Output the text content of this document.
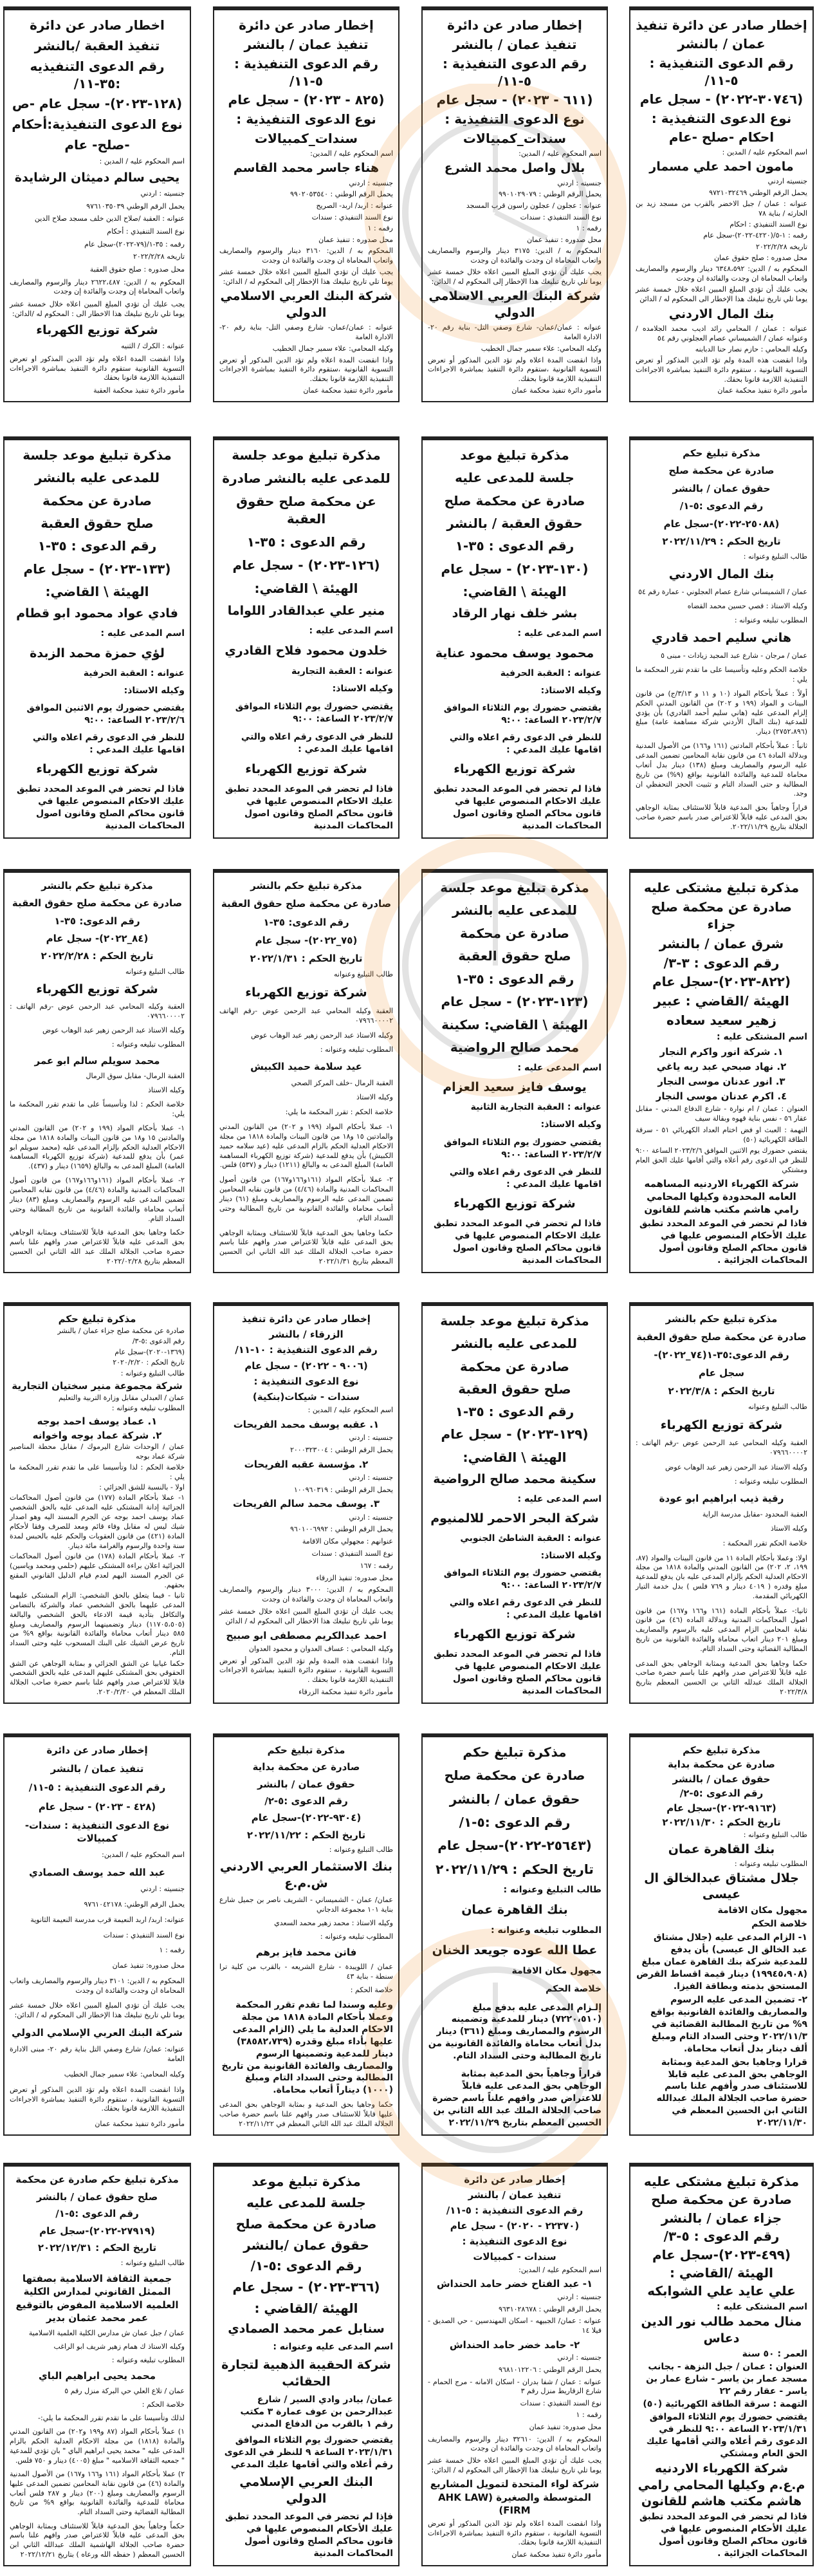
إخطار صادر عن دائرة تنفيذ
عمان / بالنشر
رقم الدعوى التنفيذية : ٥-١١/
(٣٠٧٤٦-٢٠٢٢) - سجل عام
نوع الدعوى التنفيذية :
احكام -صلح -عام
اسم المحكوم عليه / المدين :
مامون احمد علي مسمار
جنسيته اردني
يحمل الرقم الوطني ٩٧٢١٠٣٢٤٦٩
عنوانه : عمان / جبل الاخضر بالقرب من مسجد زيد بن الحارثه / بناية ٧٨
نوع السند التنفيذي : احكام
رقمه : ١-٥/(٤٢٢٠-٢٠٢٢)-سجل عام
تاريخه ٢٠٢٢/٢/٢٨
محل صدوره : صلح حقوق عمان
المحكوم به / الدين: ٦٣٤٨،٥٩٢ دينار والرسوم والمصاريف واتعاب المحاماة ان وجدت والفائدة ان وجدت
يجب عليك أن تؤدي المبلغ المبين اعلاه خلال خمسة عشر يوما تلي تاريخ تبليغك هذا الإخطار الى المحكوم له / الدائن
بنك المال الاردني
عنوانه : عمان / المحامي رائد اديب محمد الجلامده / وعنوانه عمان / الشميساني عصام العجلوني رقم ٥٤
وكيله المحامي : حازم نصار حنا الدبابنه
واذا انقضت هذه المدة ولم تؤد الدين المذكور أو تعرض التسوية القانونية ، ستقوم دائرة التنفيذ بمباشرة الاجراءات التنفيذية اللازمة قانونا بحقك.
مأمور دائرة تنفيذ محكمة عمان
إخطار صادر عن دائرة
تنفيذ عمان / بالنشر
رقم الدعوى التنفيذية : ٥-١١/
(٦١١ - ٢٠٢٣) - سجل عام
نوع الدعوى التنفيذية :
سندات_كمبيالات
اسم المحكوم عليه / المدين:
بلال واصل محمد الشرع
جنسيته : اردني
يحمل الرقم الوطني : ٩٩٠١٠٢٩٠٧٩
عنوانه : عجلون / عجلون راسون قرب المسجد
نوع السند التنفيذي : سندات
رقمه : ١
محل صدوره : تنفيذ عمان
المحكوم به / الدين: ٣١٧٥ دينار والرسوم والمصاريف واتعاب المحاماة ان وجدت والفائدة ان وجدت
يجب عليك أن تؤدي المبلغ المبين اعلاه خلال خمسة عشر يوما تلي تاريخ تبليغك هذا الإخطار إلى المحكوم له / الدائن:
شركة البنك العربي الاسلامي الدولي
عنوانه : عمان/عمان- شارع وصفي التل- بناية رقم ٢٠- الادارة العامة
وكيله المحامي: علاء سمير جمال الخطيب
واذا انقضت المدة اعلاه ولم تؤد الدين المذكور أو تعرض التسوية القانونية ،ستقوم دائرة التنفيذ بمباشرة الاجراءات التنفيذية اللازمة قانونا بحقك.
مأمور دائرة تنفيذ محكمة عمان
إخطار صادر عن دائرة
تنفيذ عمان / بالنشر
رقم الدعوى التنفيذية : ٥-١١/
(٨٢٥ - ٢٠٢٣) - سجل عام
نوع الدعوى التنفيذية :
سندات_كمبيالات
اسم المحكوم عليه / المدين:
هناء جاسر محمد القاسم
جنسيته : اردني
يحمل الرقم الوطني : ٩٩٠٢٠٥٣٥٤٠
عنوانه : اربد/ اربد- الصريح
نوع السند التنفيذي : سندات
رقمه : ١
محل صدوره : تنفيذ عمان
المحكوم به / الدين: ٣١٦٠ دينار والرسوم والمصاريف واتعاب المحاماة ان وجدت والفائدة ان وجدت
يجب عليك أن تؤدي المبلغ المبين اعلاه خلال خمسة عشر يوما تلي تاريخ تبليغك هذا الإخطار إلى المحكوم له / الدائن:
شركة البنك العربي الاسلامي الدولي
عنوانه : عمان/عمان- شارع وصفي التل- بناية رقم ٢٠- الادارة العامة
وكيله المحامي: علاء سمير جمال الخطيب
واذا انقضت المدة اعلاه ولم تؤد الدين المذكور أو تعرض التسوية القانونية ،ستقوم دائرة التنفيذ بمباشرة الاجراءات التنفيذية اللازمة قانونا بحقك.
مأمور دائرة تنفيذ محكمة عمان
اخطار صادر عن دائرة
تنفيذ العقبة /بالنشر
رقم الدعوى التنفيذيه :٣٥-١١/
(١٢٨-٢٠٢٣)- سجل عام -ص
نوع الدعوى التنفيذية:أحكام
-صلح- عام
اسم المحكوم عليه / المدين :
يحيى سالم دميثان الرشايدة
جنسيته : اردني
يحمل الرقم الوطني ٩٧٦١٠٣٥٠٣٩
عنوانه : العقبة /صلاح الدين خلف مسجد صلاح الدين
نوع السند التنفيذي : أحكام
رقمه : ٣٥-١/(٧٩-٢٠٢٢)-سجل عام
تاريخه ٢٠٢٢/٢/٢٨
محل صدوره : صلح حقوق العقبة
المحكوم به / الدين: ٢٦٢٢،٤٨٧ دينار والرسوم والمصاريف واتعاب المحاماة إن وجدت والفائدة إن وجدت
يجب عليك أن تؤدي المبلغ المبين اعلاه خلال خمسة عشر يوما تلي تاريخ تبليغك هذا الاخطار الى : المحكوم له /الدائن:
شركة توزيع الكهرباء
عنوانه : الكرك / الثنيه
واذا انقضت المدة اعلاه ولم تؤد الدين المذكور او تعرض التسوية القانونية ستقوم دائرة التنفيذ بمباشرة الاجراءات التنفيذية اللازمة قانونا بحقك
مأمور دائرة تنفيذ محكمة العقبة
مذكرة تبليغ حكم
صادرة عن محكمة صلح
حقوق عمان / بالنشر
رقم الدعوى :٥-١/
(٢٥٠٨٨-٢٠٢٢)-سجل عام
تاريخ الحكم : ٢٠٢٢/١١/٢٩
طالب التبليغ وعنوانه :
بنك المال الاردني
عمان / الشميساني شارع عصام العجلوني - عمارة رقم ٥٤
وكيله الاستاذ : قصي حسين محمد القضاه
المطلوب تبليغه وعنوانه :
هاني سليم احمد قادري
عمان / مرجان - شارع عبد المجيد زيادات - مبنى ٥
خلاصة الحكم وعليه وتأسيسا على ما تقدم تقرر المحكمة ما يلي :
أولاً : عملاً بأحكام المواد (١٠ و ١١ و ٣/١٣/ج) من قانون البينات و المواد (١٩٩ و ٢٠٢) من القانون المدني الحكم إلزام المدعى عليه (هاني سليم أحمد القادري) بأن يؤدي للمدعية (بنك المال الأردني شركة مساهمة عامة) مبلغ (٢٧٥٢،٨٩٦) دينار.
ثانياً : عملاً بأحكام المادتين (١٦١ و١٦٦) من الأصول المدنية وبدلالة المادة ٤٦ من قانون نقابة المحامين تضمين المدعى عليه الرسوم والمصاريف ومبلغ (١٣٨) دينار بدل أتعاب محاماة للمدعية والفائدة القانونية بواقع (٩%) من تاريخ المطالبة و حتى السداد التام و تثبيت الحجز التحفظي ان وجد.
قراراً وجاهياً بحق المدعية قابلاً للاستئناف بمثابة الوجاهي بحق المدعى عليه قابلاً للاعتراض صدر باسم حضرة صاحب الجلالة بتاريخ ٢٠٢٢/١١/٢٩.
مذكرة تبليغ موعد
جلسة للمدعى عليه
صادرة عن محكمة صلح
حقوق العقبة / بالنشر
رقم الدعوى : ٣٥-١
(١٣٠-٢٠٢٣) - سجل عام
الهيئة \ القاضي:
بشر خلف نهار الرقاد
اسم المدعى عليه :
محمود يوسف محمود عناية
عنوانه : العقبة الحرفية
وكيله الاستاذ:
يقتضي حضورك يوم الثلاثاء الموافق ٢٠٢٣/٢/٧ الساعة: ٩:٠٠
للنظر في الدعوى رقم اعلاه والتي اقامها عليك المدعي :
شركة توزيع الكهرباء
فاذا لم تحضر في الموعد المحدد تطبق عليك الاحكام المنصوص عليها في قانون محاكم الصلح وقانون اصول المحاكمات المدنية
مذكرة تبليغ موعد جلسة
للمدعى عليه بالنشر صادرة
عن محكمة صلح حقوق العقبة
رقم الدعوى : ٣٥-١
(١٢٦-٢٠٢٣) - سجل عام
الهيئة \ القاضي:
منير علي عبدالقادر اللواما
اسم المدعى عليه :
خلدون محمود فلاح القادري
عنوانه : العقبة التجارية
وكيله الاستاذ:
يقتضي حضورك يوم الثلاثاء الموافق ٢٠٢٣/٢/٧ الساعة: ٩:٠٠
للنظر في الدعوى رقم اعلاه والتي اقامها عليك المدعي :
شركة توزيع الكهرباء
فاذا لم تحضر في الموعد المحدد تطبق عليك الاحكام المنصوص عليها في قانون محاكم الصلح وقانون اصول المحاكمات المدنية
مذكرة تبليغ موعد جلسة
للمدعى عليه بالنشر
صادرة عن محكمة
صلح حقوق العقبة
رقم الدعوى : ٣٥-١
(١٣٣-٢٠٢٣) - سجل عام
الهيئة \ القاضي:
فادي عواد محمود ابو قطام
اسم المدعى عليه :
لؤي حمزة محمد الزبدة
عنوانه : العقبة الحرفية
وكيله الاستاذ:
يقتضي حضورك يوم الاثنين الموافق ٢٠٢٣/٢/٦ الساعة: ٩:٠٠
للنظر في الدعوى رقم اعلاه والتي اقامها عليك المدعي :
شركة توزيع الكهرباء
فاذا لم تحضر في الموعد المحدد تطبق عليك الاحكام المنصوص عليها في قانون محاكم الصلح وقانون اصول المحاكمات المدنية
مذكرة تبليغ مشتكى عليه
صادرة عن محكمة صلح جزاء
شرق عمان / بالنشر
رقم الدعوى : ٣-٣/
(٨٢٢-٢٠٢٣)-سجل عام
الهيئة /القاضي : عبير
زهير سعيد سعاده
اسم المشتكى عليه :
١. شركة انور واكرم النجار
٢. نهاد صبحي عبد ربه ياغي
٣. انور عدنان موسى النجار
٤. اكرم عدنان موسى النجار
العنوان : عمان / ام نوارة - شارع الدفاع المدني - مقابل عقار ٥٦ - نفس بناية قهوه وبقالة سيف
التهمة : العبث او فض اختام العداد الكهربائي ٥١ - سرقة الطاقة الكهربائية (٥٠)
يقتضي حضورك يوم الاثنين الموافق ٢٠٢٣/٢/٦ الساعة ٩:٠٠ للنظر في الدعوى رقم أعلاه والتي أقامها عليك الحق العام ومشتكي
شركة الكهرباء الاردنيه المساهمه العامه المحدودة وكيلها المحامي رامي هاشم مكتب هاشم للقانون
فاذا لم تحضر في الموعد المحدد تطبق عليك الأحكام المنصوص عليها في قانون محاكم الصلح وقانون أصول المحاكمات الجزائية .
مذكرة تبليغ موعد جلسة
للمدعى عليه بالنشر
صادرة عن محكمة
صلح حقوق العقبة
رقم الدعوى : ٣٥-١
(١٢٣-٢٠٢٣) - سجل عام
الهيئة \ القاضي: سكينة
محمد صالح الرواضية
اسم المدعى عليه :
يوسف فايز سعيد العزام
عنوانه : العقبة التجارية الثانية
وكيله الاستاذ:
يقتضي حضورك يوم الثلاثاء الموافق ٢٠٢٣/٢/٧ الساعة: ٩:٠٠
للنظر في الدعوى رقم اعلاه والتي اقامها عليك المدعي :
شركة توزيع الكهرباء
فاذا لم تحضر في الموعد المحدد تطبق عليك الاحكام المنصوص عليها في قانون محاكم الصلح وقانون اصول المحاكمات المدنية
مذكرة تبليغ حكم بالنشر
صادرة عن محكمة صلح حقوق العقبة
رقم الدعوى: ٣٥-١
(٧٥_٢٠٢٢)- سجل عام
تاريخ الحكم : ٢٠٢٢/١/٣١
طالب التبليغ وعنوانه
شركة توزيع الكهرباء
العقبة وكيله المحامي عبد الرحمن عوض -رقم الهاتف ٠٧٩٦٦٠٠٠٠٢
وكيله الاستاذ عبد الرحمن زهير عبد الوهاب عوض
المطلوب تبليغه وعنوانه :
عيد سلامة حميد الكبيش
العقبة الرمال -خلف المركز الصحي
وكيله الاستاذ
خلاصة الحكم : تقرر المحكمة ما يلي:
١- عملا بأحكام المواد (١٩٩ و ٢٠٢) من القانون المدني والمادتين ١٥ و١٨ من قانون البينات والمادة ١٨١٨ من مجلة الاحكام العدلية الحكم بالزام المدعى عليه (عيد سلامه حميد الكبيش) بأن يدفع للمدعية (شركة توزيع الكهرباء المساهمة العامة) المبلغ المدعى به والبالغ (١٢١١) دينار و (٥٣٧) فلس.
٢- عملا بأحكام المواد (١٦١و١٦٦و١٦٧) من قانون أصول المحاكمات المدنية والمادة (٤/٤٦) من قانون نقابه المحامين تضمين المدعى عليه الرسوم والمصاريف ومبلغ (٦١) دينار أتعاب محاماة والفائدة القانونية من تاريخ المطالبة وحتى السداد التام.
حكما وجاهيا بحق المدعية قابلاً للاستئناف وبمثابة الوجاهي بحق المدعى عليه قابلاً للاعتراض صدر وافهم علنا باسم حضرة صاحب الجلالة الملك عبد الله الثاني ابن الحسين المعظم بتاريخ ٢٠٢٢/١/٣١
مذكرة تبليغ حكم بالنشر
صادرة عن محكمة صلح حقوق العقبة
رقم الدعوى: ٣٥-١
(٨٤_٢٠٢٢)- سجل عام
تاريخ الحكم : ٢٠٢٢/٢/٢٨
طالب التبليغ وعنوانه
شركة توزيع الكهرباء
العقبة وكيله المحامي عبد الرحمن عوض -رقم الهاتف : ٠٧٩٦٦٠٠٠٠٢
وكيله الاستاذ عبد الرحمن زهير عبد الوهاب عوض
المطلوب تبليغه وعنوانه :
محمد سويلم سالم ابو عمر
العقبة الرمال- مقابل سوق الرمال
وكيله الاستاذ
خلاصة الحكم : لذا وتأسيساً على ما تقدم تقرر المحكمة ما يلي:
١- عملا بأحكام المواد (١٩٩ و ٢٠٢) من القانون المدني والمادتين ١٥ و١٨ من قانون البينات والمادة ١٨١٨ من مجلة الاحكام العدلية الحكم بإلزام المدعى عليه (محمد سويلم ابو عمر) بأن يدفع للمدعية (شركة توزيع الكهرباء المساهمة العامة) المبلغ المدعى به والبالغ (١٦٥٩) دينار و (٤٣٧).
٢- عملا بأحكام المواد (١٦١و١٦٦و١٦٧) من قانون أصول المحاكمات المدنية والمادة (٤/٤٦) من قانون نقابه المحامين تضمين المدعى عليه الرسوم والمصاريف ومبلغ (٨٣) دينار أتعاب محاماة والفائدة القانونية من تاريخ المطالبة وحتى السداد التام.
حكما وجاهيا بحق المدعية قابلاً للاستئناف وبمثابة الوجاهي بحق المدعى عليه قابلاً للاعتراض صدر وافهم علنا باسم حضرة صاحب الجلالة الملك عبد الله الثاني ابن الحسين المعظم بتاريخ ٢٠٢٢/٠٢/٢٨
مذكرة تبليغ حكم بالنشر
صادرة عن محكمة صلح حقوق العقبة
رقم الدعوى:٣٥-١(٧٤_٢٠٢٢)-
سجل عام
تاريخ الحكم : ٢٠٢٢/٣/٨
طالب التبليغ وعنوانه
شركة توزيع الكهرباء
العقبة وكيله المحامي عبد الرحمن عوض -رقم الهاتف : ٠٧٩٦٦٠٠٠٠٢
وكيله الاستاذ عبد الرحمن زهير عبد الوهاب عوض
المطلوب تبليغه وعنوانه :
رقية ذيب ابراهيم ابو عودة
العقبة المحدود -مقابل مدرسة الراية
وكيله الاستاذ
خلاصة الحكم تقرر المحكمة :
اولا: وعملا بأحكام المادة ١١ من قانون البينات والمواد (٨٧، ١٩٩، ٢، ٢٠٢) من القانون المدني والمادة ١٨١٨ من مجلة الاحكام العدلية الحكم بإلزام المدعى عليه بان يدفع للمدعية مبلغ وقدره ( ٤٠١٩ دينار و ٧٦٩ فلس ) بدل خدمة التيار الكهربائي المقدمة.
ثانيا:- عملاً بأحكام المادة (١٦١ و١٦٦ و١٦٧) من قانون اصول المحاكمات المدنية وبدلالة الماده (٤٦) من قانون نقابة المحامين الزام المدعى عليه بالرسوم والمصاريف ومبلغ ٢٠١ دينار اتعاب محاماة والفائدة القانونية من تاريخ المطالبة القضائية وحتى السداد التام.
حكما وجاهيا بحق المدعية وبمثابة الوجاهي بحق المدعى عليه قابلاً للاعتراض صدر وافهم علنا باسم حضرة صاحب الجلالة الملك عبدلله الثاني بن الحسين المعظم بتاريخ ٢٠٢٢/٣/٨
مذكرة تبليغ موعد جلسة
للمدعى عليه بالنشر
صادرة عن محكمة
صلح حقوق العقبة
رقم الدعوى : ٣٥-١
(١٢٩-٢٠٢٣) - سجل عام
الهيئة \ القاضي:
سكينة محمد صالح الرواضية
اسم المدعى عليه :
شركة البحر الاحمر للالمنيوم
عنوانه : العقبة الشاطئ الجنوبي
وكيله الاستاذ:
يقتضي حضورك يوم الثلاثاء الموافق ٢٠٢٣/٢/٧ الساعة: ٩:٠٠
للنظر في الدعوى رقم اعلاه والتي اقامها عليك المدعي :
شركة توزيع الكهرباء
فاذا لم تحضر في الموعد المحدد تطبق عليك الاحكام المنصوص عليها في قانون محاكم الصلح وقانون اصول المحاكمات المدنية
إخطار صادر عن دائرة تنفيذ
الزرقاء / بالنشر
رقم الدعوى التنفيذية : ١٠-١١/
(٩٠٠٦ - ٢٠٢٢) - سجل عام
نوع الدعوى التنفيذية :
سندات - شيكات(بنكية)
اسم المحكوم عليه / المدين :
١. عقبه يوسف محمد الفريحات
جنسيته : اردني
يحمل الرقم الوطني : ٢٠٠٠٣٢٣٠٠٤
٢. مؤسسة عقبه الفريحات
جنسيته : اردني
يحمل الرقم الوطني : ١٠٠٩٦٠٣١٩
٣. يوسف محمد سالم الفريحات
جنسيته : اردني
يحمل الرقم الوطني : ٩٦٠١٠٠٦٩٩٢
عنوانهم : مجهولي مكان الاقامة
نوع السند التنفيذي : سندات
رقمه : ١٦٧
محل صدوره: تنفيذ الزرقاء
المحكوم به / الدين: ٣٠٠٠ دينار والرسوم والمصاريف واتعاب المحاماة ان وجدت والفائدة ان وجدت
يجب عليك أن تؤدي المبلغ المبين اعلاه خلال خمسة عشر يوما تلي تاريخ تبليغك هذا الاخطار الى المحكوم له / الدائن
احمد عبدالكريم مصطفى ابو صبيح
وكيله المحامي : عساف العدوان و محمود العدوان
واذا انقضت هذه المدة ولم تؤد الدين المذكور أو تعرض التسوية القانونية ، ستقوم دائرة التنفيذ بمباشرة الاجراءات التنفيذية اللازمة قانونا بحقك .
مأمور دائرة تنفيذ محكمة الزرقاء
مذكرة تبليغ حكم
صادرة عن محكمة صلح جزاء عمان / بالنشر
رقم الدعوى :٥-٣/
(١٣٦٩-٢٠٢٠)-سجل عام
تاريخ الحكم : ٢٠٢٠/٢/٢٠
طالب التبليغ وعنوانه :
شركة مجموعة منير سختيان التجارية
عمان / العبدلي مقابل وزارة التربية والتعليم
المطلوب تبليغه وعنوانه :
١. عماد يوسف احمد بوجه
٢. شركة عماد بوجه واخوانه
عمان / الوحدات شارع اليرموك / مقابل محطة المناصير شركة عماد بوجه
خلاصة الحكم : لذا وتأسيسا على ما تقدم تقرر المحكمة ما يلي :
اولا - بالنسبة للشق الجزائي :
١- عملا بأحكام المادة (١٧٧) من قانون أصول المحاكمات الجزائية إدانة المشتكى عليه المدعى عليه بالحق الشخصي عماد يوسف احمد بوجه عن الجرم المسند اليه وهو اصدار شيك ليس له مقابل وفاء قائم ومعد للصرف وفقا لأحكام المادة (٤٢١) من قانون العقوبات والحكم عليه بالحبس لمدة سنة واحدة والرسوم والغرامة مائة دينار.
٢- عملا بأحكام المادة (١٧٨) من قانون أصول المحاكمات الجزائية اعلان براءة المشتكى عليهم (حلمي ومحمد وياسين) عن الجرم المسند اليهم لعدم قيام الدليل القانوني المقنع بحقهم.
ثانيا - فيما يتعلق بالحق الشخصي: الزام المشتكى عليهما المدعى عليهما بالحق الشخصي عماد والشركة بالتضامن والتكافل بتأدية قيمة الادعاء بالحق الشخصي والبالغة (١١٧٠٥،٥٠٥) دينار وتضمينهما الرسوم والمصاريف ومبلغ ٥٨٥ دينار أتعاب محاماة والفائدة القانونية بواقع ٩% من تاريخ عرض الشيك على البنك المسحوب عليه وحتى السداد التام.
حكما غيابيا عن الشق الجزائي و بمثابة الوجاهي عن الشق الحقوقي بحق المشتكى عليهم المدعى عليه بالحق الشخصي قابلا للاعتراض صدر وافهم علنا باسم حضرة صاحب الجلالة الملك المعظم في ٢٠٢٠/٢/٢٠.
مذكرة تبليغ حكم
صادرة عن محكمة بداية
حقوق عمان / بالنشر
رقم الدعوى :٥-٢/
(٩١٦٣-٢٠٢٢)-سجل عام
تاريخ الحكم : ٢٠٢٢/١١/٣٠
طالب التبليغ وعنوانه :
بنك القاهرة عمان
المطلوب تبليغه وعنوانه :
جلال مشتاق عبدالخالق ال عيسى
مجهول مكان الاقامة
خلاصة الحكم
١- الزام المدعى عليه (جلال مشتاق عبد الخالق ال عيسى) بأن يدفع للمدعية شركة بنك القاهرة عمان مبلغ (١٩٩٤٥،٩٠٨) دينار قيمة اقساط القرض المستحق بذمته وبطاقة الفيزا.
٢- تضمين المدعى عليه الرسوم والمصاريف والفائدة القانونية بواقع ٩% من تاريخ المطالبة القضائية في ٢٠٢٢/١١/٣ وحتى السداد التام ومبلغ ألف دينار بدل أتعاب محاماة.
قرارا وجاهيا بحق المدعية وبمثابة الوجاهي بحق المدعى عليه قابلا للاستئناف صدر وأفهم علنا باسم حضرة صاحب الجلالة الملك عبدالله الثاني ابن الحسين المعظم في ٢٠٢٢/١١/٣٠
مذكرة تبليغ حكم
صادرة عن محكمة صلح
حقوق عمان / بالنشر
رقم الدعوى :٥-١/
(٢٥٦٤٣-٢٠٢٢)-سجل عام
تاريخ الحكم : ٢٠٢٢/١١/٢٩
طالب التبليغ وعنوانه :
بنك القاهرة عمان
المطلوب تبليغه وعنوانه :
عطا الله عوده جويعد الخنان
مجهول مكان الاقامة
خلاصة الحكم
إلـزام المدعى عليه بدفع مبلغ (٧٢٢٠،٥١٠) دينار للمدعية وتضمينه الرسوم والمصاريف ومبلغ (٣٦١) دينار بدل أتعاب محاماة والفائدة القانونية من تاريخ المطالبة وحتى السداد التام.
قراراً وجاهياً بحق المدعية بمثابة الوجاهي بحق المدعى عليه قابلاً للاعتراض صدر وافهم علناً باسم حضرة صاحب الجلالة الملك عبد الله الثاني بن الحسين المعظم بتاريخ ٢٠٢٢/١١/٢٩
مذكرة تبليغ حكم
صادرة عن محكمة بداية
حقوق عمان / بالنشر
رقم الدعوى :٥-٢/
(٩٣٠٤-٢٠٢٢)-سجل عام
تاريخ الحكم : ٢٠٢٢/١١/٢٢
طالب التبليغ وعنوانه :
بنك الاستثمار العربي الاردني ش.م.ع
عمان/ عمان - الشميساني - الشريف ناصر بن جميل شارع بناية ١٠١ مجموعة الدجاني
وكيله الاستاذ : محمد زهير محمد السعدي
المطلوب تبليغه وعنوانه :
فاتن محمد فايز برهم
عمان / اللويبدة - شارع الشريعه - بالقرب من كلية ترا سنطة - بناية ٤٣
خلاصة الحكم :
وعليه وسندا لما تقدم تقرر المحكمة وعملا بأحكام المادة ١٨١٨ من مجلة الاحكام العدلية ما يلي (الزام المدعى عليها بأداء مبلغ وقدره (٣٨٥٨٢،٧٣٩) دينار للمدعية وتضمينها الرسوم والمصاريف والفائدة القانونية من تاريخ المطالبة وحتى السداد التام ومبلغ (١٠٠٠) ديناراً أتعاب محاماة.
حكما وجاهيا بحق المدعية و بمثابة الوجاهي بحق المدعى عليها قابلاً للاستئناف صدر وافهم علنا باسم حضرة صاحب الجلالة الملك عبد الله الثاني المعظم في ٢٠٢٢/١١/٢٢
إخطار صادر عن دائرة
تنفيذ عمان / بالنشر
رقم الدعوى التنفيذية : ٥-١١/
(٤٢٨ - ٢٠٢٣) - سجل عام
نوع الدعوى التنفيذية : سندات-كمبيالات
اسم المحكوم عليه / المدين:
عبد الله حمد يوسف الصمادي
جنسيته : اردني
يحمل الرقم الوطني: ٩٧٦١٠٤٢١٧٨
عنوانه: اربد/ اربد النعيمة قرب مدرسة النعيمة الثانوية
نوع السند التنفيذي : سندات
رقمه : ١
محل صدوره: تنفيذ عمان
المحكوم به / الدين: ٣١٠١ دينار والرسوم والمصاريف واتعاب المحاماة ان وجدت والفائدة ان وجدت
يجب عليك أن تؤدي المبلغ المبين اعلاه خلال خمسة عشر يوما تلي تاريخ تبليغك هذا الإخطار الى المحكوم له / الدائن:
شركة البنك العربي الإسلامي الدولي
عنوانه: عمان/ شارع وصفي التل بناية رقم ٢٠- مبنى الادارة العامة
وكيله المحامي: علاء سمير جمال الخطيب
واذا انقضت المدة اعلاه ولم تؤد الدين المذكور أو تعرض التسوية القانونية ، ستقوم دائرة التنفيذ بمباشرة الاجراءات التنفيذية اللازمة قانونا بحقك.
مأمور دائرة تنفيذ محكمة عمان
مذكرة تبليغ مشتكى عليه
صادرة عن محكمة صلح
جزاء عمان / بالنشر
رقم الدعوى : ٥-٣/
(٤٩٩-٢٠٢٣)-سجل عام
الهيئة /القاضي :
علي عايد علي الشوابكه
اسم المشتكى عليه :
منال محمد طالب نور الدين دعاس
العمر : ٥٠ سنة
العنوان : عمان / جبل النزهة - بجانب مسجد عمار بن ياسر - شارع عمار بن ياسر - عقار رقم ٢٢
التهمة : سرقة الطاقة الكهربائية (٥٠)
يقتضي حضورك يوم الثلاثاء الموافق ٢٠٢٣/١/٣١ الساعة ٩:٠٠ للنظر في الدعوى رقم أعلاه والتي أقامها عليك الحق العام ومشتكي
شركة الكهرباء الاردنيه م.ع.م وكيلها المحامي رامي هاشم مكتب هاشم للقانون
فاذا لم تحضر في الموعد المحدد تطبق عليك الأحكام المنصوص عليها في قانون محاكم الصلح وقانون أصول المحاكمات الجزائية .
إخطار صادر عن دائرة
تنفيذ عمان / بالنشر
رقم الدعوى التنفيذية : ٥-١١/
(٢٢٣٧٠ - ٢٠٢٠) - سجل عام
نوع الدعوى التنفيذية :
سندات - كمبيالات
اسم المحكوم عليه / المدين:
١- عبد الفتاح خضر حامد الحنداش
جنسيته : اردني
يحمل الرقم الوطني : ٩٦٣١٠٢٨٦٧٨
عنوانه : عمان/ الجبيهه - اسكان المهندسين - حي الصديق - فيلا ١٤
٢- حامد خضر حامد الحنداش
جنسيته : اردني
يحمل الرقم الوطني : ٩٦٨١٠١٢٢٠٦
عنوانه : عمان / شفا بدران - اسكان الامانه - مرج الحمام - شارع الزقاريط منزل رقم ٣
نوع السند التنفيذي : سندات
رقمه : ١
محل صدوره: تنفيذ عمان
المحكوم به / الدين: ٣٢٦١٠ دينار والرسوم والمصاريف واتعاب المحاماة ان وجدت والفائدة ان وجدت
يجب عليك أن تؤدي المبلغ المبين اعلاه خلال خمسة عشر يوما تلي تاريخ تبليغك هذا الإخطار الى المحكوم له / الدائن:
شركة لواء المتحدة لتمويل المشاريع المتوسطة والصغيرة (AHK LAW FIRM)
واذا انقضت المدة اعلاه ولم تؤد الدين المذكور أو تعرض التسوية القانونية ، ستقوم دائرة التنفيذ بمباشرة الاجراءات التنفيذية اللازمة قانونا بحقك.
مأمور دائرة تنفيذ محكمة عمان
مذكرة تبليغ موعد
جلسة للمدعى عليه
صادرة عن محكمة صلح
حقوق عمان /بالنشر
رقم الدعوى :٥-١/
(٣٦٦-٢٠٢٣) - سجل عام
الهيئة /القاضي :
سنابل عمر محمد الصمادي
اسم المدعى عليه وعنوانه :
شركة الحقيبة الذهبية لتجارة الحقائب
عمان/ بيادر وادي السير / شارع عبدالرحمن بن عوف عمارة ٣ مكتب رقم ١ بالقرب من الدفاع المدني
يقتضي حضورك يوم الثلاثاء الموافق ٢٠٢٣/١/٣١ الساعة ٩ للنظر في الدعوى رقم أعلاه والتي أقامها عليك المدعي
البنك العربي الإسلامي الدولي
فإذا لم تحضر في الموعد المحدد تطبق عليك الأحكام المنصوص عليها في قانون محاكم الصلح وقانون أصول المحاكمات المدنية
مذكرة تبليغ حكم صادرة عن محكمة
صلح حقوق عمان / بالنشر
رقم الدعوى :٥-١/
(٢٧٩١٩-٢٠٢٢)-سجل عام
تاريخ الحكم : ٢٠٢٢/١٢/٣١
طالب التبليغ وعنوانه :
جمعية الثقافة الاسلامية بصفتها الممثل القانوني لمدارس الكلية العلميه الاسلامية المفوض بالتوقيع عمر محمد عثمان بدير
عمان / جبل عمان ش مدارس الكلية العلمية الاسلامية
وكيله الاستاذ ك همام زهير شريف ابو الراغب
المطلوب تبليغه وعنوانه :
محمد يحيى ابراهيم الباي
عمان / تلاع العلي حي البركة منزل رقم ٥
خلاصة الحكم :
لذلك وتأسيسا على ما تقدم تقرر المحكمة ما يلي:-
١) عملاً بأحكام المواد (٨٧ و١٩٩ و٢٠٢) من القانون المدني والمادة (١٨١٨) من مجلة الاحكام العدلية الحكم بالزام المدعى عليه " محمد يحيى ابراهيم الباي " بان تؤدي للمدعية " جمعيه الثقافة الاسلاميه " مبلغ (٤٠٠٥) دينار و ٧٥٠ فلس.
٢) عملا بأحكام المواد (١٦١ و١٦٦ و١٦٧) من الأصول المدنية والمادة (٤٦) من قانون نقابة المحامين تضمين المدعى عليها الرسوم والمصاريف ومبلغ (٢٠٠) دينار و ٢٨٧ فلس أتعاب محاماة للمدعية والفائدة القانونية بواقع ٩% من تاريخ المطالبة القضائية وحتى السداد التام.
حكماً وجاهياً بحق المدعية قابلاً للاستئناف وبمثابة الوجاهي بحق المدعى عليه قابلاً للاعتراض صدر وافهم علنا باسم حضرة صاحب الجلالة الهاشمية الملك عبدالله الثاني ابن الحسين المعظم ( حفظه الله ورعاه ) بتاريخ ٢٠٢٢/١٢/٢١
